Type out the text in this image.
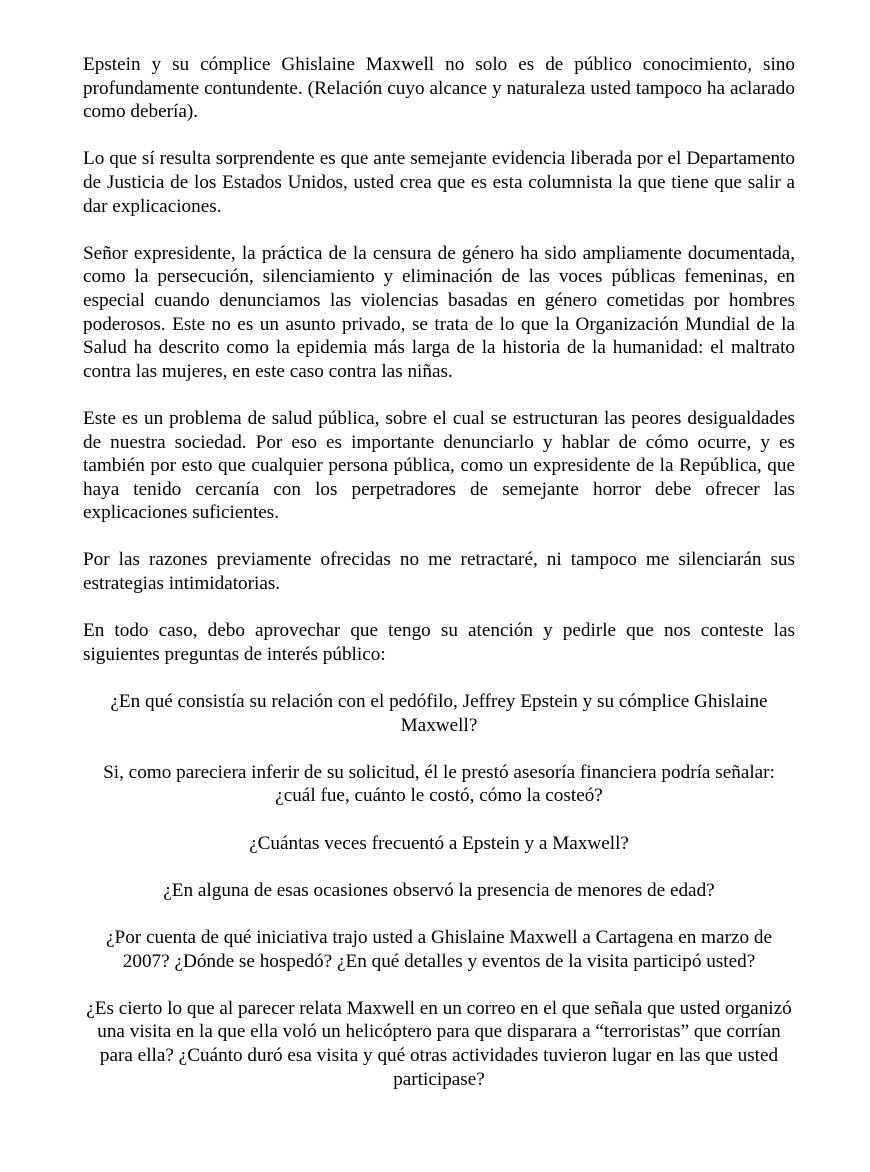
Epstein y su cómplice Ghislaine Maxwell no solo es de público conocimiento, sino profundamente contundente. (Relación cuyo alcance y naturaleza usted tampoco ha aclarado como debería).

Lo que sí resulta sorprendente es que ante semejante evidencia liberada por el Departamento de Justicia de los Estados Unidos, usted crea que es esta columnista la que tiene que salir a dar explicaciones.

Señor expresidente, la práctica de la censura de género ha sido ampliamente documentada, como la persecución, silenciamiento y eliminación de las voces públicas femeninas, en especial cuando denunciamos las violencias basadas en género cometidas por hombres poderosos. Este no es un asunto privado, se trata de lo que la Organización Mundial de la Salud ha descrito como la epidemia más larga de la historia de la humanidad: el maltrato contra las mujeres, en este caso contra las niñas.

Este es un problema de salud pública, sobre el cual se estructuran las peores desigualdades de nuestra sociedad. Por eso es importante denunciarlo y hablar de cómo ocurre, y es también por esto que cualquier persona pública, como un expresidente de la República, que haya tenido cercanía con los perpetradores de semejante horror debe ofrecer las explicaciones suficientes.

Por las razones previamente ofrecidas no me retractaré, ni tampoco me silenciarán sus estrategias intimidatorias.

En todo caso, debo aprovechar que tengo su atención y pedirle que nos conteste las siguientes preguntas de interés público:

¿En qué consistía su relación con el pedófilo, Jeffrey Epstein y su cómplice Ghislaine Maxwell?

Si, como pareciera inferir de su solicitud, él le prestó asesoría financiera podría señalar: ¿cuál fue, cuánto le costó, cómo la costeó?

¿Cuántas veces frecuentó a Epstein y a Maxwell?

¿En alguna de esas ocasiones observó la presencia de menores de edad?

¿Por cuenta de qué iniciativa trajo usted a Ghislaine Maxwell a Cartagena en marzo de 2007? ¿Dónde se hospedó? ¿En qué detalles y eventos de la visita participó usted?

¿Es cierto lo que al parecer relata Maxwell en un correo en el que señala que usted organizó una visita en la que ella voló un helicóptero para que disparara a “terroristas” que corrían para ella? ¿Cuánto duró esa visita y qué otras actividades tuvieron lugar en las que usted participase?
